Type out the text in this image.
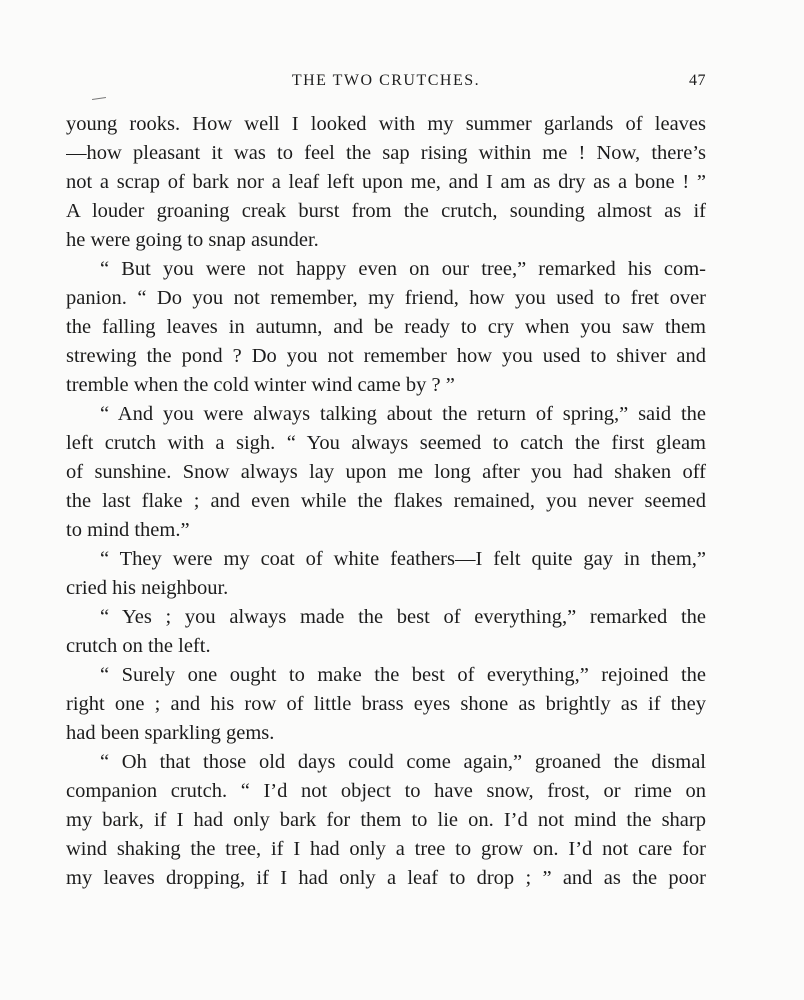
THE TWO CRUTCHES.	47
young rooks. How well I looked with my summer garlands of leaves
—how pleasant it was to feel the sap rising within me ! Now, there’s
not a scrap of bark nor a leaf left upon me, and I am as dry as a bone ! ”
A louder groaning creak burst from the crutch, sounding almost as if
he were going to snap asunder.
“ But you were not happy even on our tree,” remarked his com-
panion. “ Do you not remember, my friend, how you used to fret over
the falling leaves in autumn, and be ready to cry when you saw them
strewing the pond ? Do you not remember how you used to shiver and
tremble when the cold winter wind came by ? ”
“ And you were always talking about the return of spring,” said the
left crutch with a sigh. “ You always seemed to catch the first gleam
of sunshine. Snow always lay upon me long after you had shaken off
the last flake ; and even while the flakes remained, you never seemed
to mind them.”
“ They were my coat of white feathers—I felt quite gay in them,”
cried his neighbour.
“ Yes ; you always made the best of everything,” remarked the
crutch on the left.
“ Surely one ought to make the best of everything,” rejoined the
right one ; and his row of little brass eyes shone as brightly as if they
had been sparkling gems.
“ Oh that those old days could come again,” groaned the dismal
companion crutch. “ I’d not object to have snow, frost, or rime on
my bark, if I had only bark for them to lie on. I’d not mind the sharp
wind shaking the tree, if I had only a tree to grow on. I’d not care for
my leaves dropping, if I had only a leaf to drop ; ” and as the poor
